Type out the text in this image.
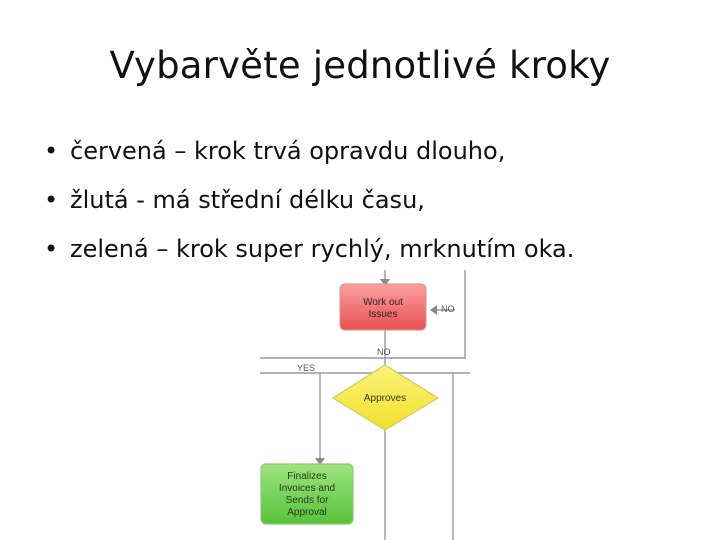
Vybarvěte jednotlivé kroky
• červená – krok trvá opravdu dlouho,
• žlutá - má střední délku času,
• zelená – krok super rychlý, mrknutím oka.
Work out
Issues	NO
NO
YES
Approves
Finalizes
Invoices and
Sends for
Approval
